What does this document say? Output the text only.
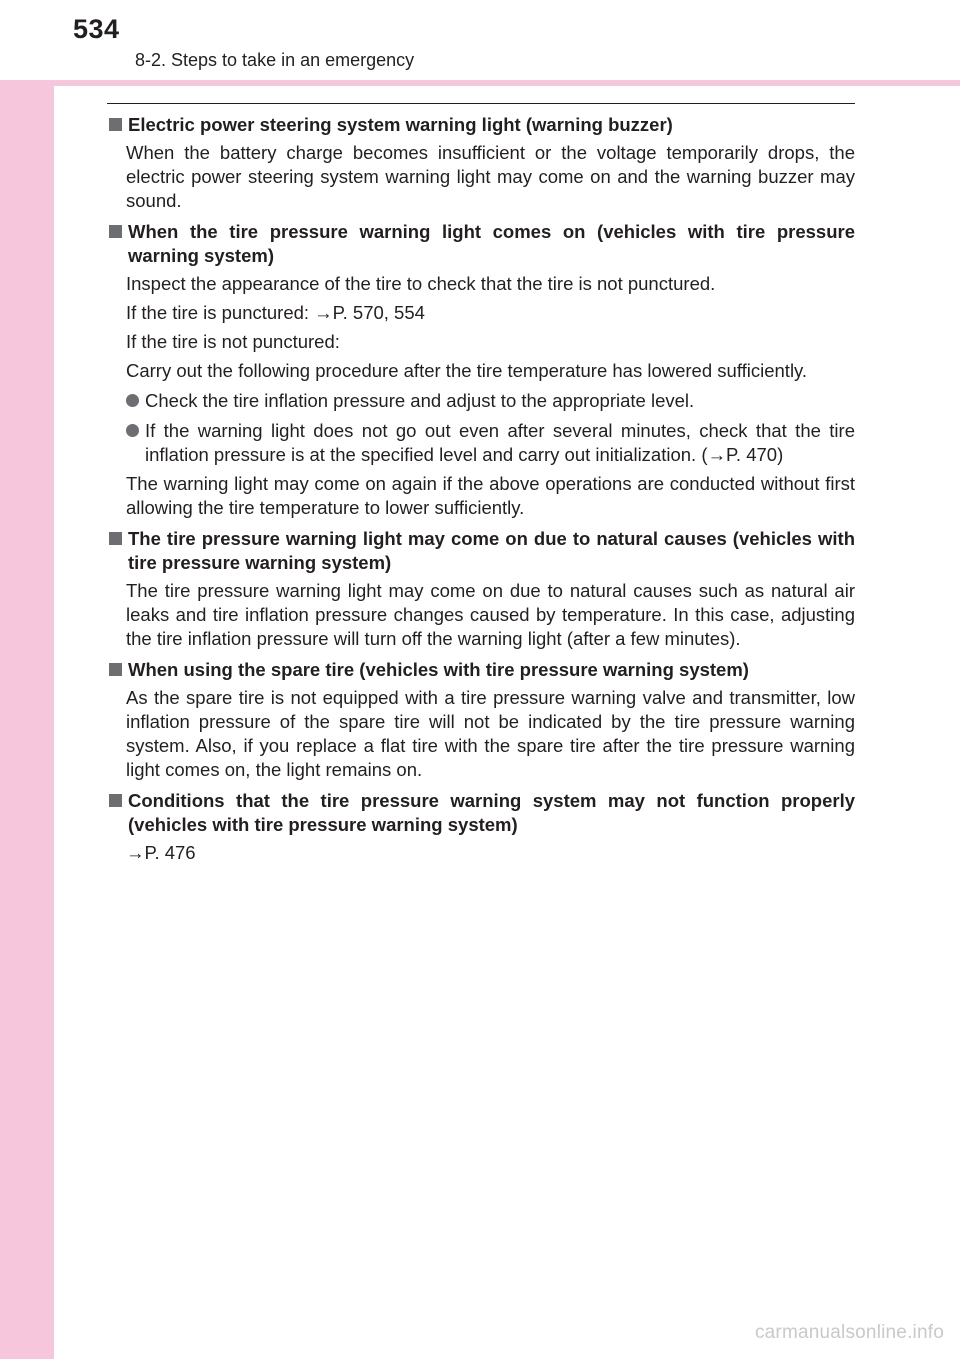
534
8-2. Steps to take in an emergency
Electric power steering system warning light (warning buzzer)
When the battery charge becomes insufficient or the voltage temporarily drops, the electric power steering system warning light may come on and the warning buzzer may sound.
When the tire pressure warning light comes on (vehicles with tire pressure warning system)
Inspect the appearance of the tire to check that the tire is not punctured.
If the tire is punctured: →P. 570, 554
If the tire is not punctured:
Carry out the following procedure after the tire temperature has lowered sufficiently.
Check the tire inflation pressure and adjust to the appropriate level.
If the warning light does not go out even after several minutes, check that the tire inflation pressure is at the specified level and carry out initialization. (→P. 470)
The warning light may come on again if the above operations are conducted without first allowing the tire temperature to lower sufficiently.
The tire pressure warning light may come on due to natural causes (vehicles with tire pressure warning system)
The tire pressure warning light may come on due to natural causes such as natural air leaks and tire inflation pressure changes caused by temperature. In this case, adjusting the tire inflation pressure will turn off the warning light (after a few minutes).
When using the spare tire (vehicles with tire pressure warning system)
As the spare tire is not equipped with a tire pressure warning valve and transmitter, low inflation pressure of the spare tire will not be indicated by the tire pressure warning system. Also, if you replace a flat tire with the spare tire after the tire pressure warning light comes on, the light remains on.
Conditions that the tire pressure warning system may not function properly (vehicles with tire pressure warning system)
→P. 476
carmanualsonline.info
